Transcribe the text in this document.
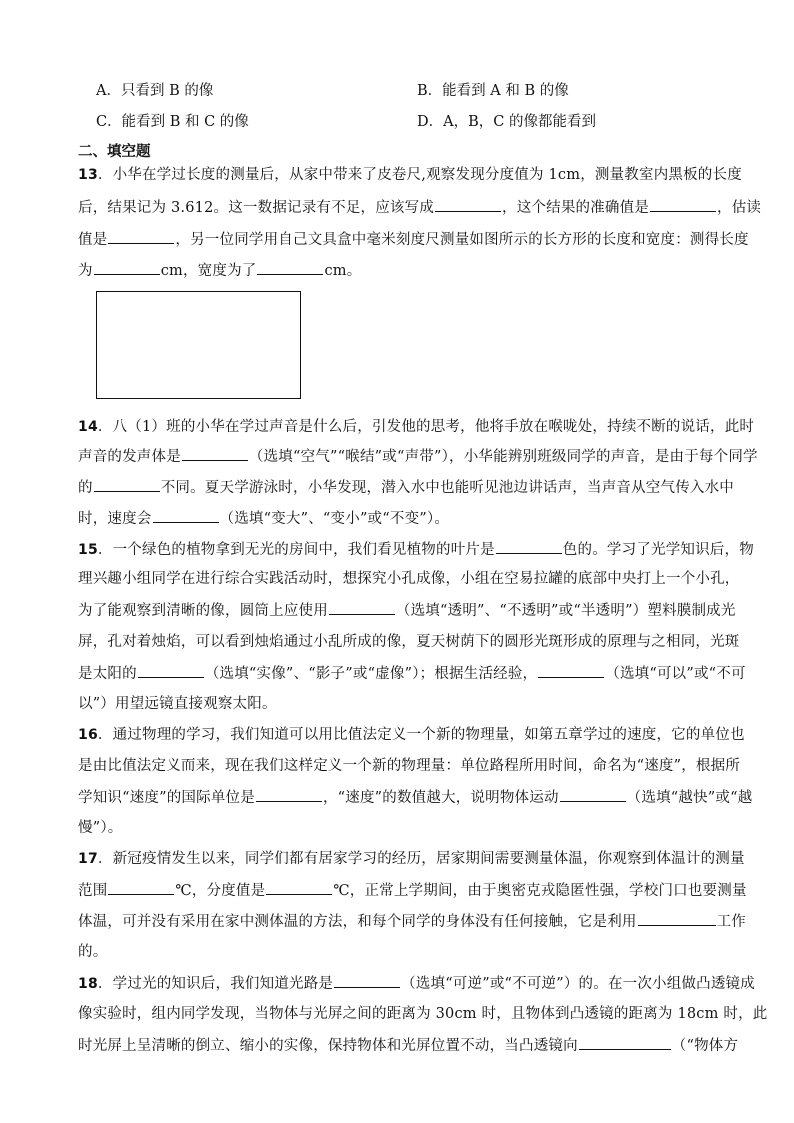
A．只看到 B 的像	B．能看到 A 和 B 的像
C．能看到 B 和 C 的像	D．A，B，C 的像都能看到
二、填空题
13．小华在学过长度的测量后，从家中带来了皮卷尺,观察发现分度值为 1cm，测量教室内黑板的长度
后，结果记为 3.612。这一数据记录有不足，应该写成	，这个结果的准确值是	，估读
值是	，另一位同学用自己文具盒中毫米刻度尺测量如图所示的长方形的长度和宽度：测得长度
为	cm，宽度为了	cm。
14．八（1）班的小华在学过声音是什么后，引发他的思考，他将手放在喉咙处，持续不断的说话，此时
声音的发声体是	（选填“空气”“喉结”或“声带”），小华能辨别班级同学的声音，是由于每个同学
的	不同。夏天学游泳时，小华发现，潜入水中也能听见池边讲话声，当声音从空气传入水中
时，速度会	（选填“变大”、“变小”或“不变”）。
15．一个绿色的植物拿到无光的房间中，我们看见植物的叶片是	色的。学习了光学知识后，物
理兴趣小组同学在进行综合实践活动时，想探究小孔成像，小组在空易拉罐的底部中央打上一个小孔，
为了能观察到清晰的像，圆筒上应使用	（选填“透明”、“不透明”或“半透明”）塑料膜制成光
屏，孔对着烛焰，可以看到烛焰通过小乱所成的像，夏天树荫下的圆形光斑形成的原理与之相同，光斑
是太阳的	（选填“实像”、“影子”或“虚像”）；根据生活经验，	（选填“可以”或“不可
以”）用望远镜直接观察太阳。
16．通过物理的学习，我们知道可以用比值法定义一个新的物理量，如第五章学过的速度，它的单位也
是由比值法定义而来，现在我们这样定义一个新的物理量：单位路程所用时间，命名为“逨度”，根据所
学知识“逨度”的国际单位是	，“逨度”的数值越大，说明物体运动	（选填“越快”或“越
慢”）。
17．新冠疫情发生以来，同学们都有居家学习的经历，居家期间需要测量体温，你观察到体温计的测量
范围	℃，分度值是	℃，正常上学期间，由于奥密克戎隐匿性强，学校门口也要测量
体温，可并没有采用在家中测体温的方法，和每个同学的身体没有任何接触，它是利用	工作
的。
18．学过光的知识后，我们知道光路是	（选填“可逆”或“不可逆”）的。在一次小组做凸透镜成
像实验时，组内同学发现，当物体与光屏之间的距离为 30cm 时，且物体到凸透镜的距离为 18cm 时，此
时光屏上呈清晰的倒立、缩小的实像，保持物体和光屏位置不动，当凸透镜向	（“物体方
